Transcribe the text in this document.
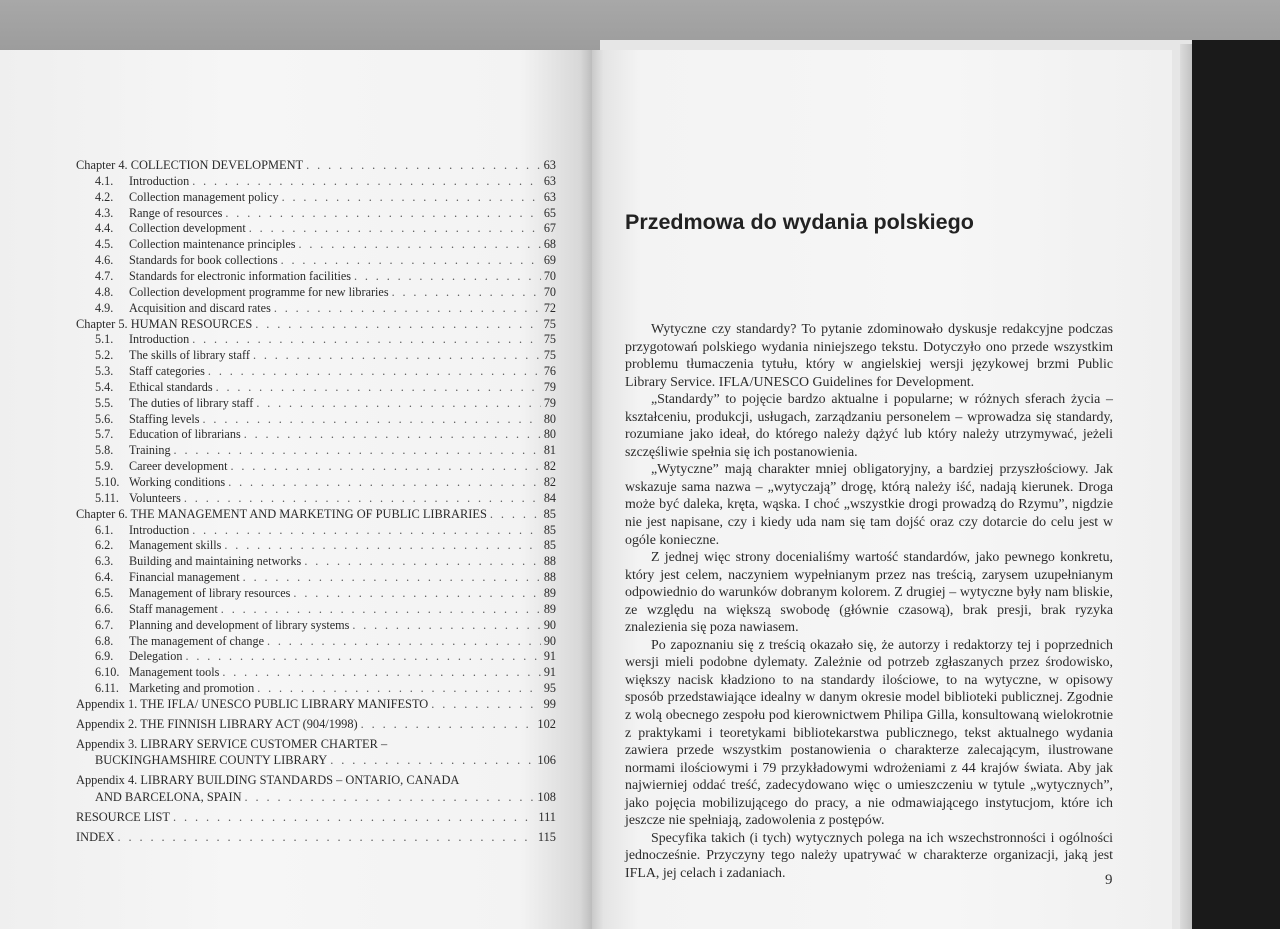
Chapter 4. COLLECTION DEVELOPMENT . . .	63
4.1.	Introduction . . .	63
4.2.	Collection management policy . . .	63
4.3.	Range of resources . . .	65
4.4.	Collection development . . .	67
4.5.	Collection maintenance principles . . .	68
4.6.	Standards for book collections . . .	69
4.7.	Standards for electronic information facilities . . .	70
4.8.	Collection development programme for new libraries . . .	70
4.9.	Acquisition and discard rates . . .	72
Chapter 5. HUMAN RESOURCES . . .	75
5.1.	Introduction . . .	75
5.2.	The skills of library staff . . .	75
5.3.	Staff categories . . .	76
5.4.	Ethical standards . . .	79
5.5.	The duties of library staff . . .	79
5.6.	Staffing levels . . .	80
5.7.	Education of librarians . . .	80
5.8.	Training . . .	81
5.9.	Career development . . .	82
5.10. Working conditions . . .	82
5.11. Volunteers . . .	84
Chapter 6. THE MANAGEMENT AND MARKETING OF PUBLIC LIBRARIES . . .	85
6.1.	Introduction . . .	85
6.2.	Management skills . . .	85
6.3.	Building and maintaining networks . . .	88
6.4.	Financial management . . .	88
6.5.	Management of library resources . . .	89
6.6.	Staff management . . .	89
6.7.	Planning and development of library systems . . .	90
6.8.	The management of change . . .	90
6.9.	Delegation . . .	91
6.10. Management tools . . .	91
6.11. Marketing and promotion . . .	95
Appendix 1. THE IFLA/ UNESCO PUBLIC LIBRARY MANIFESTO . . .	99
Appendix 2. THE FINNISH LIBRARY ACT (904/1998) . . .	102
Appendix 3. LIBRARY SERVICE CUSTOMER CHARTER –
BUCKINGHAMSHIRE COUNTY LIBRARY . . .	106
Appendix 4. LIBRARY BUILDING STANDARDS – ONTARIO, CANADA
AND BARCELONA, SPAIN . . .	108
RESOURCE LIST . . .	111
INDEX . . .	115
Przedmowa do wydania polskiego

Wytyczne czy standardy? To pytanie zdominowało dyskusje redakcyjne podczas przygotowań polskiego wydania niniejszego tekstu. Dotyczyło ono przede wszystkim problemu tłumaczenia tytułu, który w angielskiej wersji językowej brzmi Public Library Service. IFLA/UNESCO Guidelines for Development.

„Standardy” to pojęcie bardzo aktualne i popularne; w różnych sferach życia – kształceniu, produkcji, usługach, zarządzaniu personelem – wprowadza się standardy, rozumiane jako ideał, do którego należy dążyć lub który należy utrzymywać, jeżeli szczęśliwie spełnia się ich postanowienia.

„Wytyczne” mają charakter mniej obligatoryjny, a bardziej przyszłościowy. Jak wskazuje sama nazwa – „wytyczają” drogę, którą należy iść, nadają kierunek. Droga może być daleka, kręta, wąska. I choć „wszystkie drogi prowadzą do Rzymu”, nigdzie nie jest napisane, czy i kiedy uda nam się tam dojść oraz czy dotarcie do celu jest w ogóle konieczne.

Z jednej więc strony docenialiśmy wartość standardów, jako pewnego konkretu, który jest celem, naczyniem wypełnianym przez nas treścią, zarysem uzupełnianym odpowiednio do warunków dobranym kolorem. Z drugiej – wytyczne były nam bliskie, ze względu na większą swobodę (głównie czasową), brak presji, brak ryzyka znalezienia się poza nawiasem.

Po zapoznaniu się z treścią okazało się, że autorzy i redaktorzy tej i poprzednich wersji mieli podobne dylematy. Zależnie od potrzeb zgłaszanych przez środowisko, większy nacisk kładziono to na standardy ilościowe, to na wytyczne, w opisowy sposób przedstawiające idealny w danym okresie model biblioteki publicznej. Zgodnie z wolą obecnego zespołu pod kierownictwem Philipa Gilla, konsultowaną wielokrotnie z praktykami i teoretykami bibliotekarstwa publicznego, tekst aktualnego wydania zawiera przede wszystkim postanowienia o charakterze zalecającym, ilustrowane normami ilościowymi i 79 przykładowymi wdrożeniami z 44 krajów świata. Aby jak najwierniej oddać treść, zadecydowano więc o umieszczeniu w tytule „wytycznych”, jako pojęcia mobilizującego do pracy, a nie odmawiającego instytucjom, które ich jeszcze nie spełniają, zadowolenia z postępów.

Specyfika takich (i tych) wytycznych polega na ich wszechstronności i ogólności jednocześnie. Przyczyny tego należy upatrywać w charakterze organizacji, jaką jest IFLA, jej celach i zadaniach.	9
